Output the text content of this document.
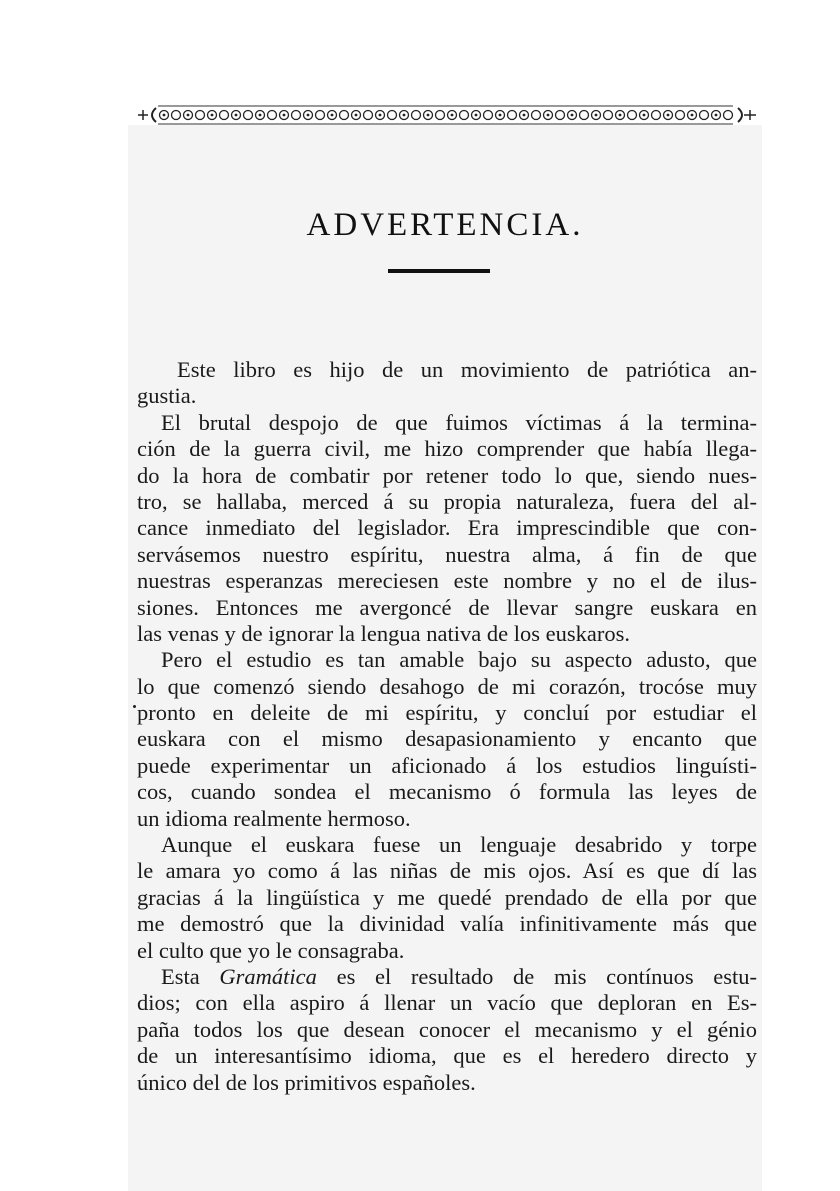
ADVERTENCIA.
Este libro es hijo de un movimiento de patriótica an-
gustia.
El brutal despojo de que fuimos víctimas á la termina-
ción de la guerra civil, me hizo comprender que había llega-
do la hora de combatir por retener todo lo que, siendo nues-
tro, se hallaba, merced á su propia naturaleza, fuera del al-
cance inmediato del legislador. Era imprescindible que con-
serváse​mos nuestro espíritu, nuestra alma, á fin de que
nuestras esperanzas mereciesen este nombre y no el de ilus-
siones. Entonces me avergoncé de llevar sangre euskara en
las venas y de ignorar la lengua nativa de los euskaros.
Pero el estudio es tan amable bajo su aspecto adusto, que
lo que comenzó siendo desahogo de mi corazón, trocóse muy
pronto en deleite de mi espíritu, y concluí por estudiar el
euskara con el mismo desapasionamiento y encanto que
puede experimentar un aficionado á los estudios linguísti-
cos, cuando sondea el mecanismo ó formula las leyes de
un idioma realmente hermoso.
Aunque el euskara fuese un lenguaje desabrido y torpe
le amara yo como á las niñas de mis ojos. Así es que dí las
gracias á la lingüística y me quedé prendado de ella por que
me demostró que la divinidad valía infinitivamente más que
el culto que yo le consagraba.
Esta Gramática es el resultado de mis contínuos estu-
dios; con ella aspiro á llenar un vacío que deploran en Es-
paña todos los que desean conocer el mecanismo y el génio
de un interesantísimo idioma, que es el heredero directo y
único del de los primitivos españoles.
